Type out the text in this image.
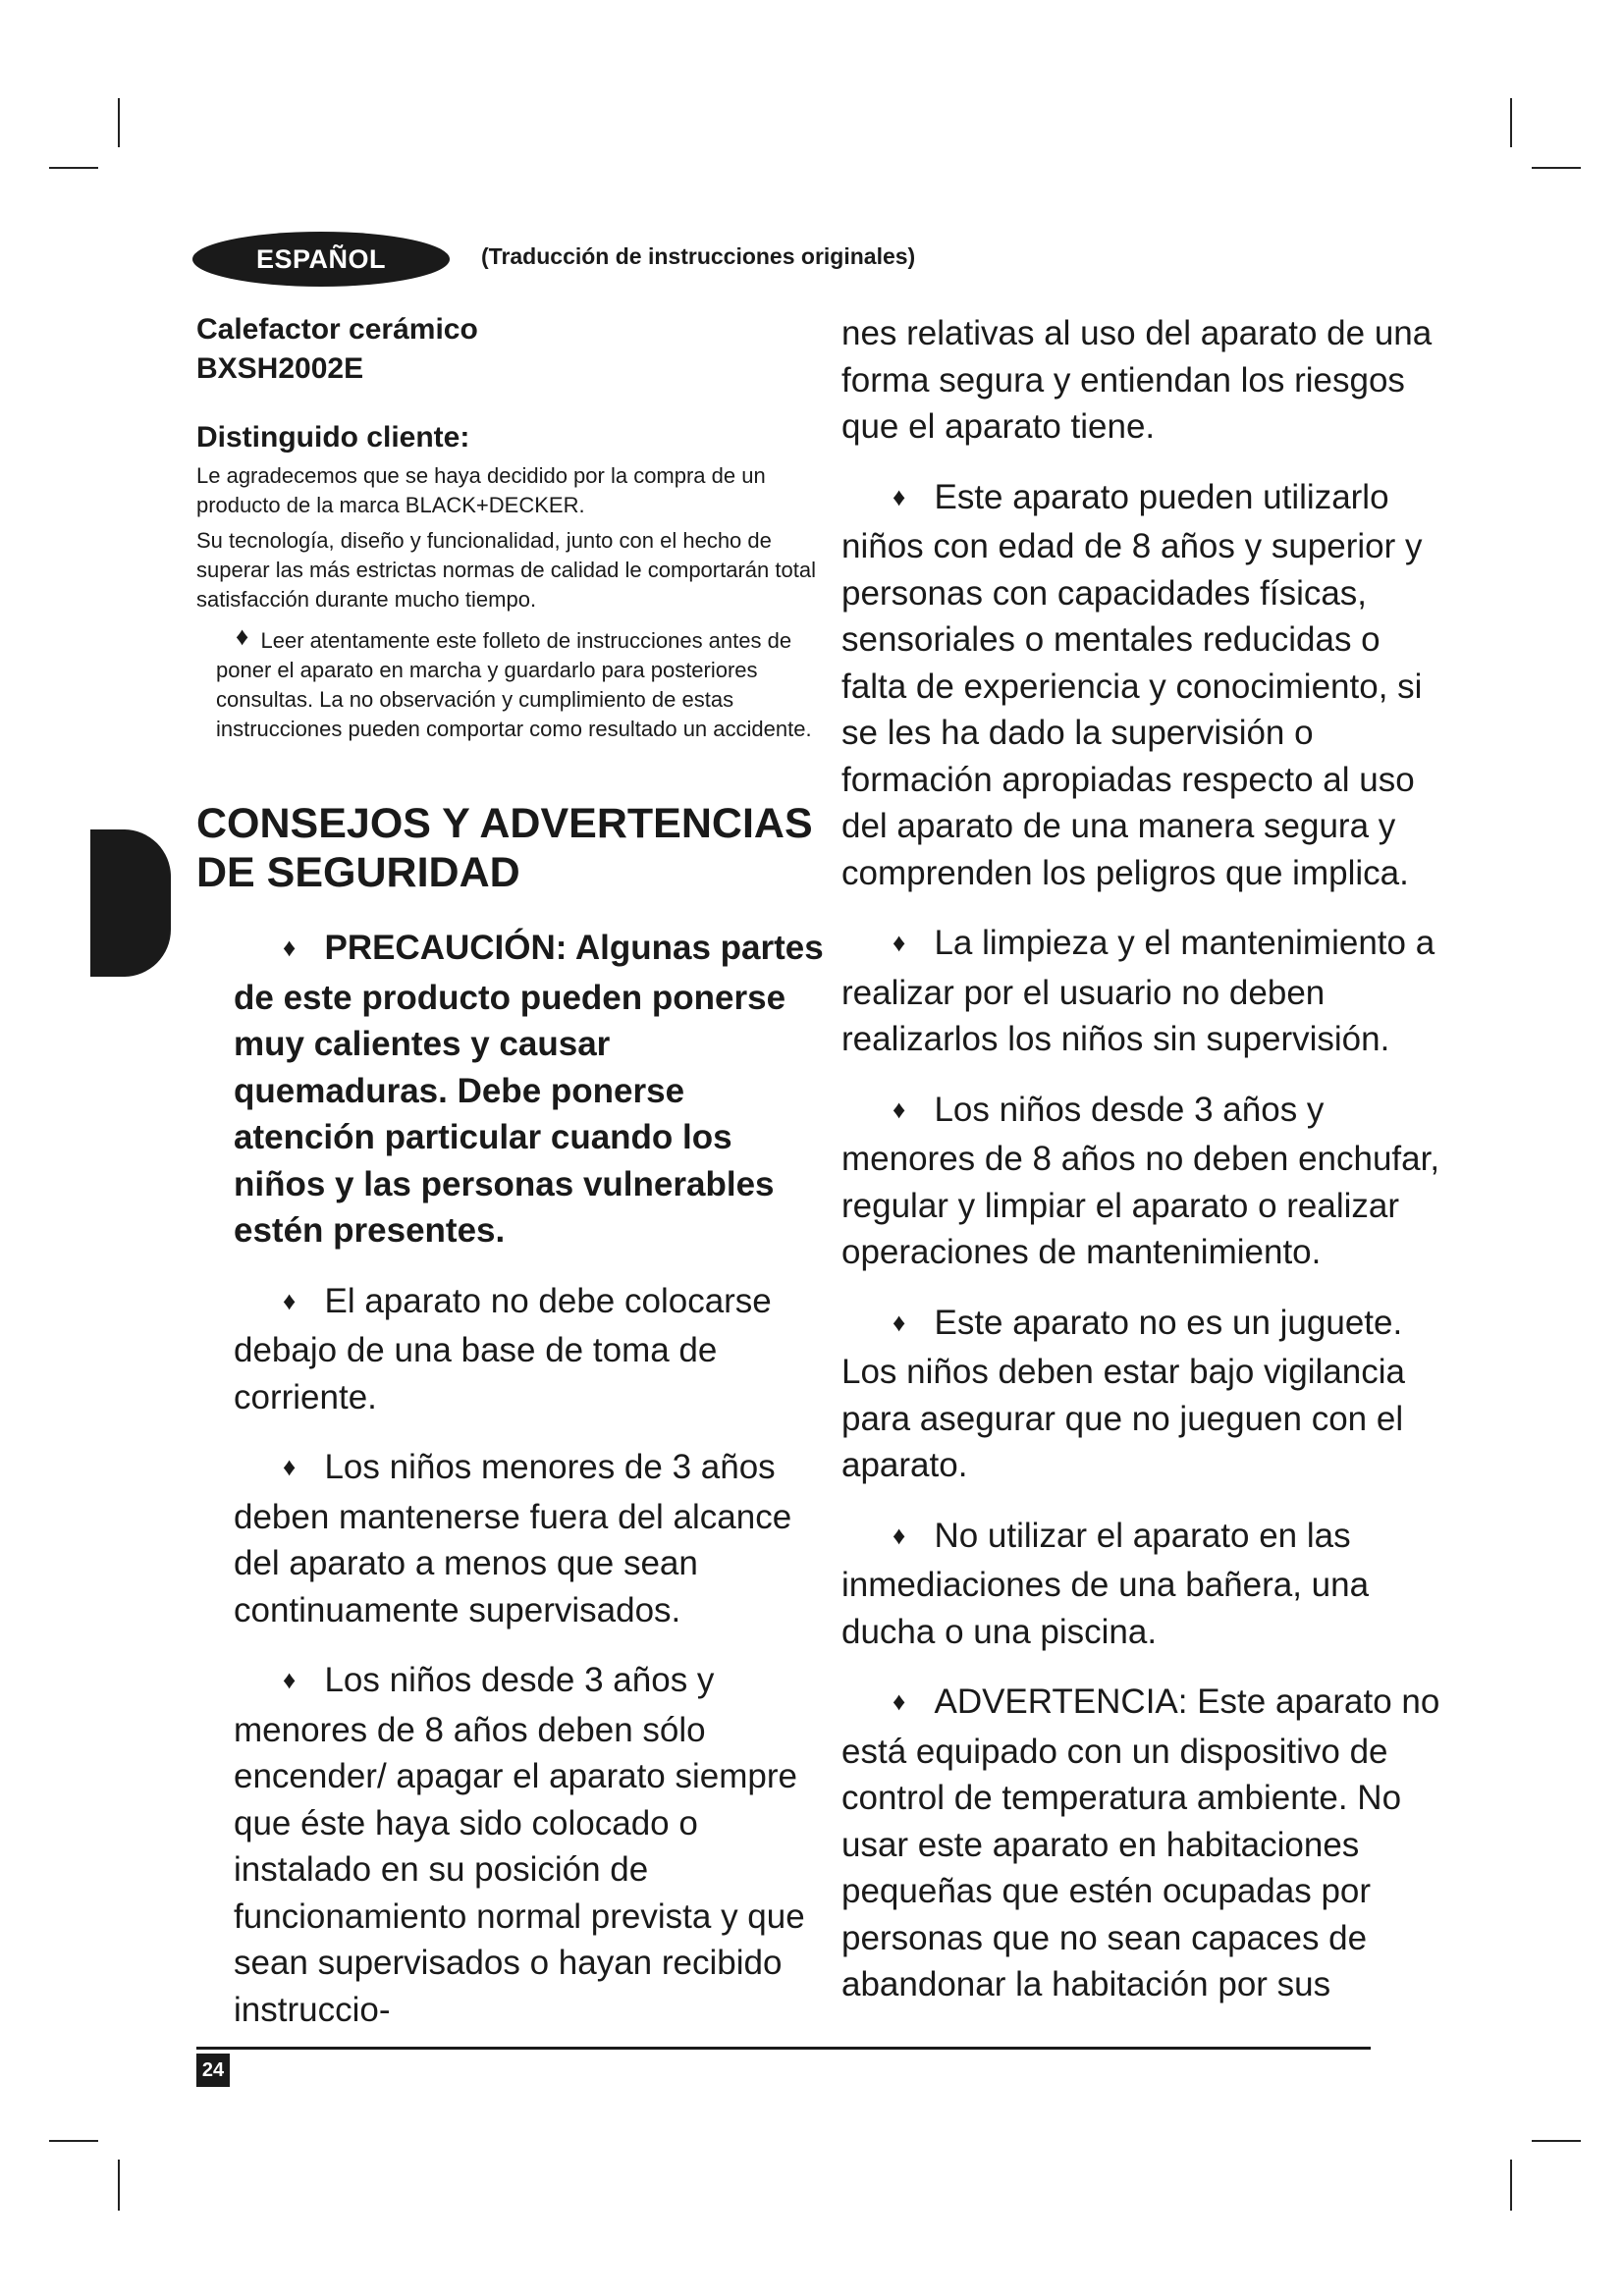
ESPAÑOL	(Traducción de instrucciones originales)
Calefactor cerámico
BXSH2002E
Distinguido cliente:

Le agradecemos que se haya decidido por la compra de un producto de la marca BLACK+DECKER.

Su tecnología, diseño y funcionalidad, junto con el hecho de superar las más estrictas normas de calidad le comportarán total satisfacción durante mucho tiempo.

♦ Leer atentamente este folleto de instrucciones antes de poner el aparato en marcha y guardarlo para posteriores consultas. La no observación y cumplimiento de estas instrucciones pueden comportar como resultado un accidente.

CONSEJOS Y ADVERTENCIAS DE SEGURIDAD

♦ PRECAUCIÓN: Algunas partes de este producto pueden ponerse muy calientes y causar quemaduras. Debe ponerse atención particular cuando los niños y las personas vulnerables estén presentes.

♦ El aparato no debe colocarse debajo de una base de toma de corriente.

♦ Los niños menores de 3 años deben mantenerse fuera del alcance del aparato a menos que sean continuamente supervisados.

♦ Los niños desde 3 años y menores de 8 años deben sólo encender/ apagar el aparato siempre que éste haya sido colocado o instalado en su posición de funcionamiento normal prevista y que sean supervisados o hayan recibido instruccio-

nes relativas al uso del aparato de una forma segura y entiendan los riesgos que el aparato tiene.

♦ Este aparato pueden utilizarlo niños con edad de 8 años y superior y personas con capacidades físicas, sensoriales o mentales reducidas o falta de experiencia y conocimiento, si se les ha dado la supervisión o formación apropiadas respecto al uso del aparato de una manera segura y comprenden los peligros que implica.

♦ La limpieza y el mantenimiento a realizar por el usuario no deben realizarlos los niños sin supervisión.

♦ Los niños desde 3 años y menores de 8 años no deben enchufar, regular y limpiar el aparato o realizar operaciones de mantenimiento.

♦ Este aparato no es un juguete. Los niños deben estar bajo vigilancia para asegurar que no jueguen con el aparato.

♦ No utilizar el aparato en las inmediaciones de una bañera, una ducha o una piscina.

♦ ADVERTENCIA: Este aparato no está equipado con un dispositivo de control de temperatura ambiente. No usar este aparato en habitaciones pequeñas que estén ocupadas por personas que no sean capaces de abandonar la habitación por sus

24
